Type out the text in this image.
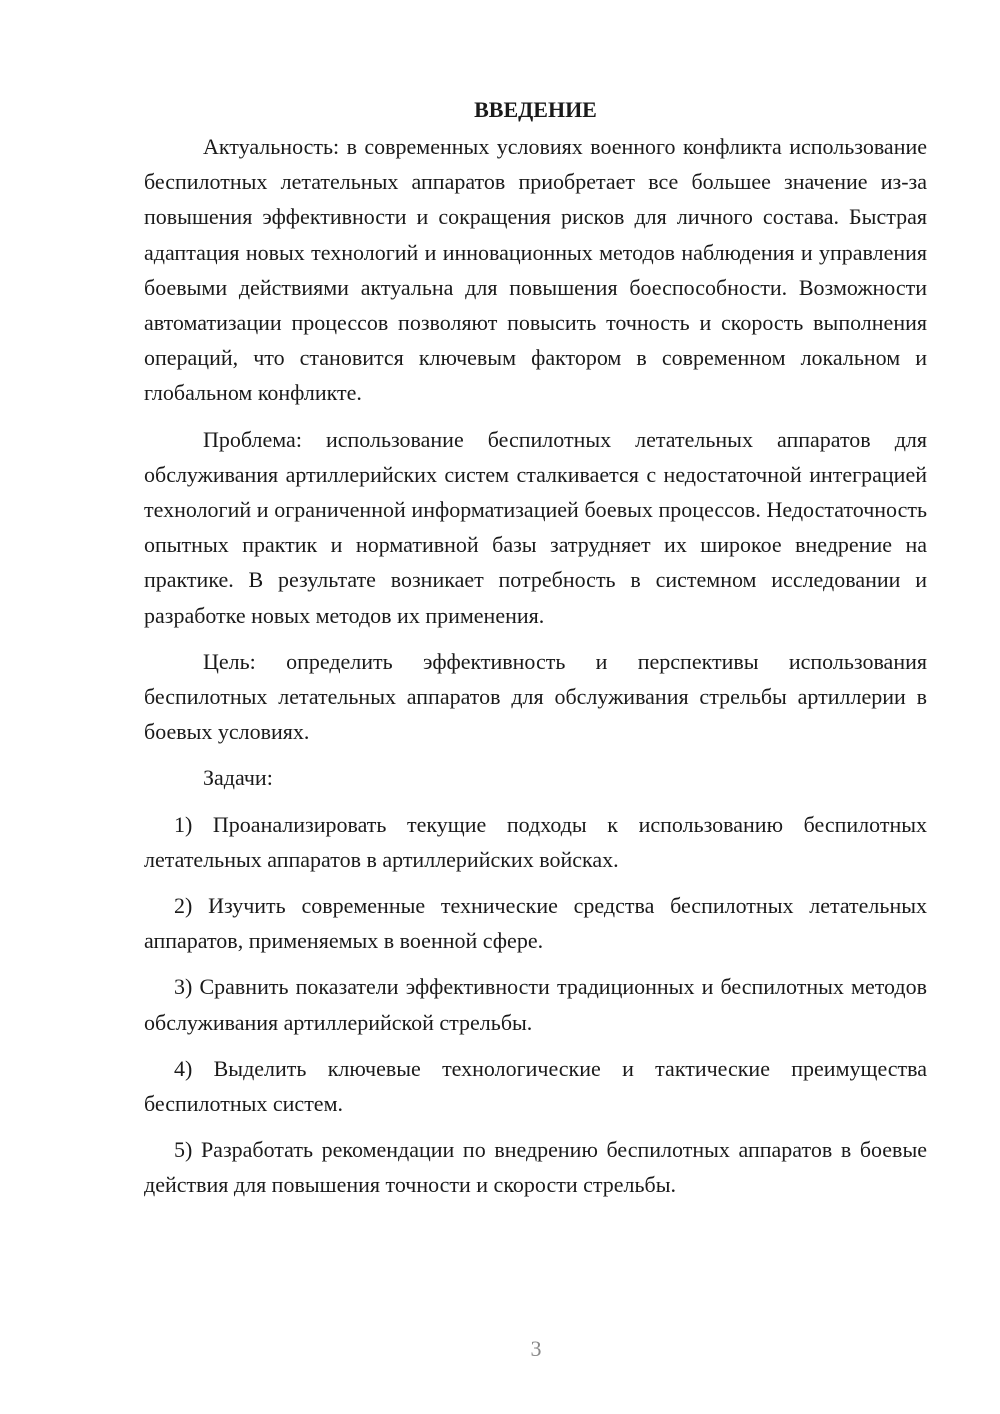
ВВЕДЕНИЕ

Актуальность: в современных условиях военного конфликта использование беспилотных летательных аппаратов приобретает все большее значение из-за повышения эффективности и сокращения рисков для личного состава. Быстрая адаптация новых технологий и инновационных методов наблюдения и управления боевыми действиями актуальна для повышения боеспособности. Возможности автоматизации процессов позволяют повысить точность и скорость выполнения операций, что становится ключевым фактором в современном локальном и глобальном конфликте.

Проблема: использование беспилотных летательных аппаратов для обслуживания артиллерийских систем сталкивается с недостаточной интеграцией технологий и ограниченной информатизацией боевых процессов. Недостаточность опытных практик и нормативной базы затрудняет их широкое внедрение на практике. В результате возникает потребность в системном исследовании и разработке новых методов их применения.

Цель: определить эффективность и перспективы использования беспилотных летательных аппаратов для обслуживания стрельбы артиллерии в боевых условиях.

Задачи:

1) Проанализировать текущие подходы к использованию беспилотных летательных аппаратов в артиллерийских войсках.

2) Изучить современные технические средства беспилотных летательных аппаратов, применяемых в военной сфере.

3) Сравнить показатели эффективности традиционных и беспилотных методов обслуживания артиллерийской стрельбы.

4) Выделить ключевые технологические и тактические преимущества беспилотных систем.

5) Разработать рекомендации по внедрению беспилотных аппаратов в боевые действия для повышения точности и скорости стрельбы.

3
